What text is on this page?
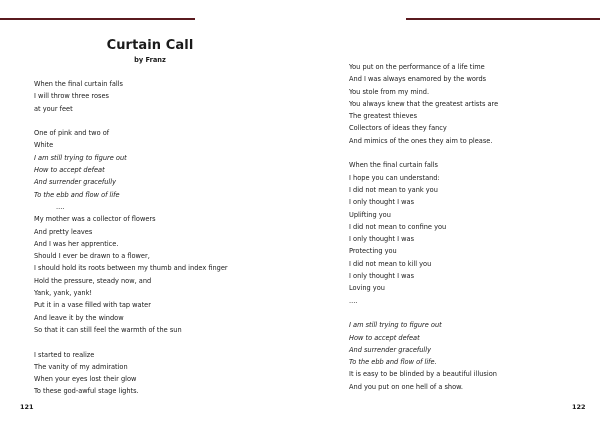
Curtain Call
by Franz
When the final curtain falls
I will throw three roses
at your feet
One of pink and two of
White
I am still trying to figure out
How to accept defeat
And surrender gracefully
To the ebb and flow of life
....
My mother was a collector of flowers
And pretty leaves
And I was her apprentice.
Should I ever be drawn to a flower,
I should hold its roots between my thumb and index finger
Hold the pressure, steady now, and
Yank, yank, yank!
Put it in a vase filled with tap water
And leave it by the window
So that it can still feel the warmth of the sun
I started to realize
The vanity of my admiration
When your eyes lost their glow
To these god-awful stage lights.
121
You put on the performance of a life time
And I was always enamored by the words
You stole from my mind.
You always knew that the greatest artists are
The greatest thieves
Collectors of ideas they fancy
And mimics of the ones they aim to please.
When the final curtain falls
I hope you can understand:
I did not mean to yank you
I only thought I was
Uplifting you
I did not mean to confine you
I only thought I was
Protecting you
I did not mean to kill you
I only thought I was
Loving you
....
I am still trying to figure out
How to accept defeat
And surrender gracefully
To the ebb and flow of life.
It is easy to be blinded by a beautiful illusion
And you put on one hell of a show.
122
